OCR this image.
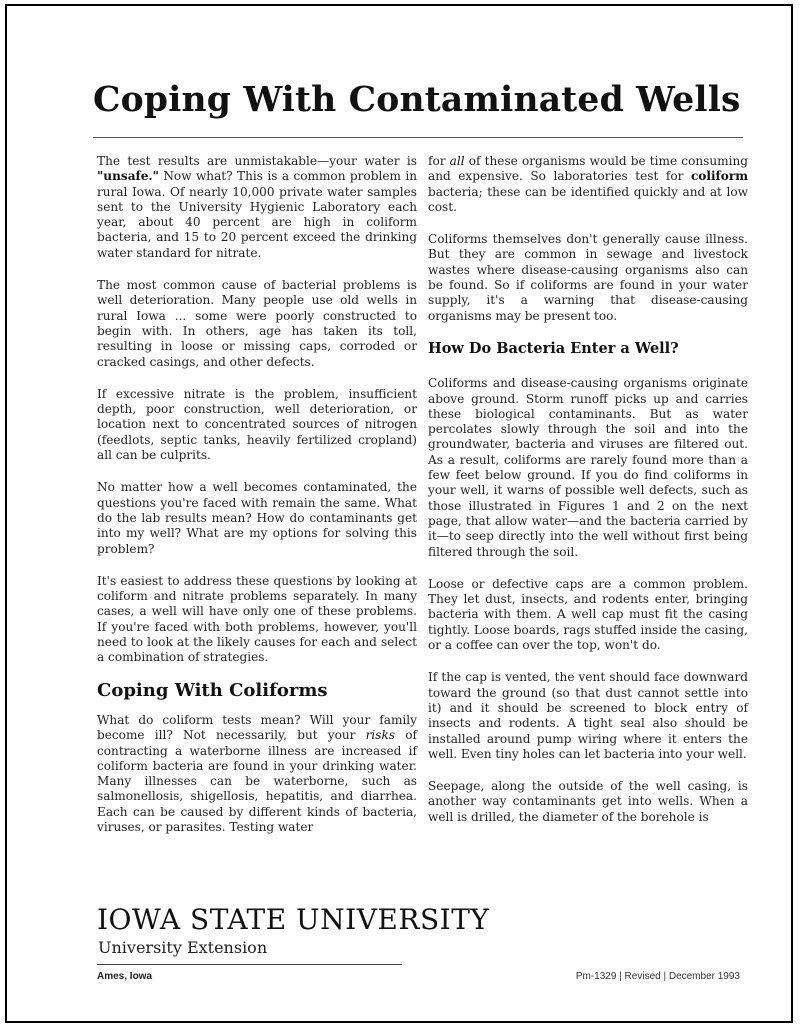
Coping With Contaminated Wells

The test results are unmistakable—your water is "unsafe." Now what? This is a common problem in rural Iowa. Of nearly 10,000 private water samples sent to the University Hygienic Laboratory each year, about 40 percent are high in coliform bacteria, and 15 to 20 percent exceed the drinking water standard for nitrate.

The most common cause of bacterial problems is well deterioration. Many people use old wells in rural Iowa ... some were poorly constructed to begin with. In others, age has taken its toll, resulting in loose or missing caps, corroded or cracked casings, and other defects.

If excessive nitrate is the problem, insufficient depth, poor construction, well deterioration, or location next to concentrated sources of nitrogen (feedlots, septic tanks, heavily fertilized cropland) all can be culprits.

No matter how a well becomes contaminated, the questions you're faced with remain the same. What do the lab results mean? How do contaminants get into my well? What are my options for solving this problem?

It's easiest to address these questions by looking at coliform and nitrate problems separately. In many cases, a well will have only one of these problems. If you're faced with both problems, however, you'll need to look at the likely causes for each and select a combination of strategies.

Coping With Coliforms

What do coliform tests mean? Will your family become ill? Not necessarily, but your risks of contracting a waterborne illness are increased if coliform bacteria are found in your drinking water. Many illnesses can be waterborne, such as salmonellosis, shigellosis, hepatitis, and diarrhea. Each can be caused by different kinds of bacteria, viruses, or parasites. Testing water

for all of these organisms would be time consuming and expensive. So laboratories test for coliform bacteria; these can be identified quickly and at low cost.

Coliforms themselves don't generally cause illness. But they are common in sewage and livestock wastes where disease-causing organisms also can be found. So if coliforms are found in your water supply, it's a warning that disease-causing organisms may be present too.

How Do Bacteria Enter a Well?

Coliforms and disease-causing organisms originate above ground. Storm runoff picks up and carries these biological contaminants. But as water percolates slowly through the soil and into the groundwater, bacteria and viruses are filtered out. As a result, coliforms are rarely found more than a few feet below ground. If you do find coliforms in your well, it warns of possible well defects, such as those illustrated in Figures 1 and 2 on the next page, that allow water—and the bacteria carried by it—to seep directly into the well without first being filtered through the soil.

Loose or defective caps are a common problem. They let dust, insects, and rodents enter, bringing bacteria with them. A well cap must fit the casing tightly. Loose boards, rags stuffed inside the casing, or a coffee can over the top, won't do.

If the cap is vented, the vent should face downward toward the ground (so that dust cannot settle into it) and it should be screened to block entry of insects and rodents. A tight seal also should be installed around pump wiring where it enters the well. Even tiny holes can let bacteria into your well.

Seepage, along the outside of the well casing, is another way contaminants get into wells. When a well is drilled, the diameter of the borehole is

IOWA STATE UNIVERSITY
University Extension
Ames, Iowa	Pm-1329 | Revised | December 1993
